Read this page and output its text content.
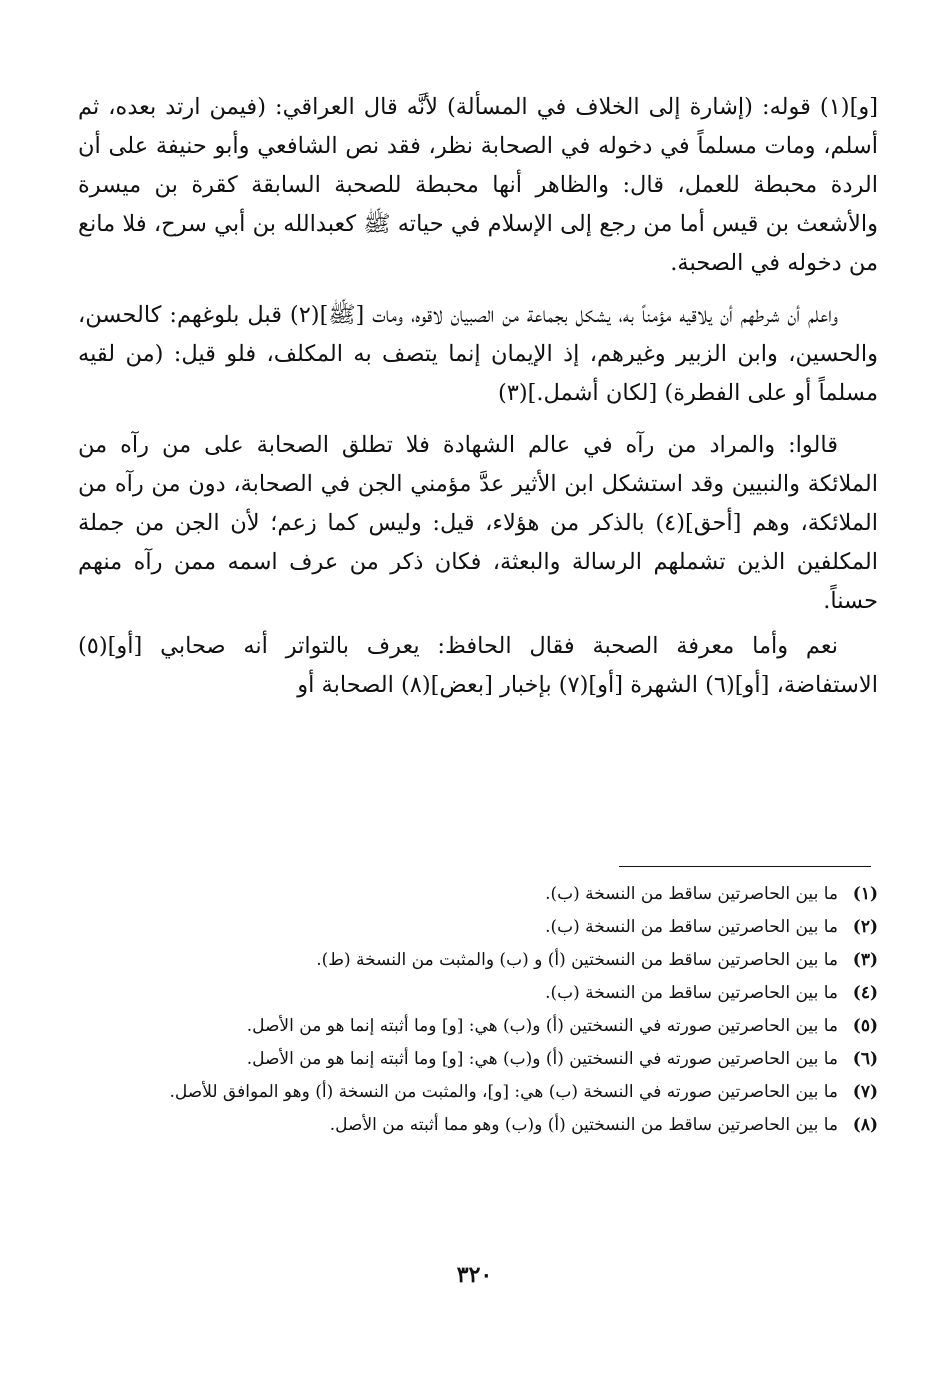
[و](١) قوله: (إشارة إلى الخلاف في المسألة) لأنَّه قال العراقي: (فيمن ارتد بعده، ثم أسلم، ومات مسلماً في دخوله في الصحابة نظر، فقد نص الشافعي وأبو حنيفة على أن الردة محبطة للعمل، قال: والظاهر أنها محبطة للصحبة السابقة كقرة بن ميسرة والأشعث بن قيس أما من رجع إلى الإسلام في حياته ﷺ كعبدالله بن أبي سرح، فلا مانع من دخوله في الصحبة.

واعلم أن شرطهم أن يلاقيه مؤمناً به، يشكل بجماعة من الصبيان لاقوه، ومات [ﷺ](٢) قبل بلوغهم: كالحسن، والحسين، وابن الزبير وغيرهم، إذ الإيمان إنما يتصف به المكلف، فلو قيل: (من لقيه مسلماً أو على الفطرة) [لكان أشمل.](٣)

قالوا: والمراد من رآه في عالم الشهادة فلا تطلق الصحابة على من رآه من الملائكة والنبيين وقد استشكل ابن الأثير عدَّ مؤمني الجن في الصحابة، دون من رآه من الملائكة، وهم [أحق](٤) بالذكر من هؤلاء، قيل: وليس كما زعم؛ لأن الجن من جملة المكلفين الذين تشملهم الرسالة والبعثة، فكان ذكر من عرف اسمه ممن رآه منهم حسناً.

نعم وأما معرفة الصحبة فقال الحافظ: يعرف بالتواتر أنه صحابي [أو](٥) الاستفاضة، [أو](٦) الشهرة [أو](٧) بإخبار [بعض](٨) الصحابة أو

(١)
ما بين الحاصرتين ساقط من النسخة (ب).
(٢)
ما بين الحاصرتين ساقط من النسخة (ب).
(٣)
ما بين الحاصرتين ساقط من النسختين (أ) و (ب) والمثبت من النسخة (ط).
(٤)
ما بين الحاصرتين ساقط من النسخة (ب).
(٥)
ما بين الحاصرتين صورته في النسختين (أ) و(ب) هي: [و] وما أثبته إنما هو من الأصل.
(٦)
ما بين الحاصرتين صورته في النسختين (أ) و(ب) هي: [و] وما أثبته إنما هو من الأصل.
(٧)
ما بين الحاصرتين صورته في النسخة (ب) هي: [و]، والمثبت من النسخة (أ) وهو الموافق للأصل.
(٨)
ما بين الحاصرتين ساقط من النسختين (أ) و(ب) وهو مما أثبته من الأصل.
٣٢٠
